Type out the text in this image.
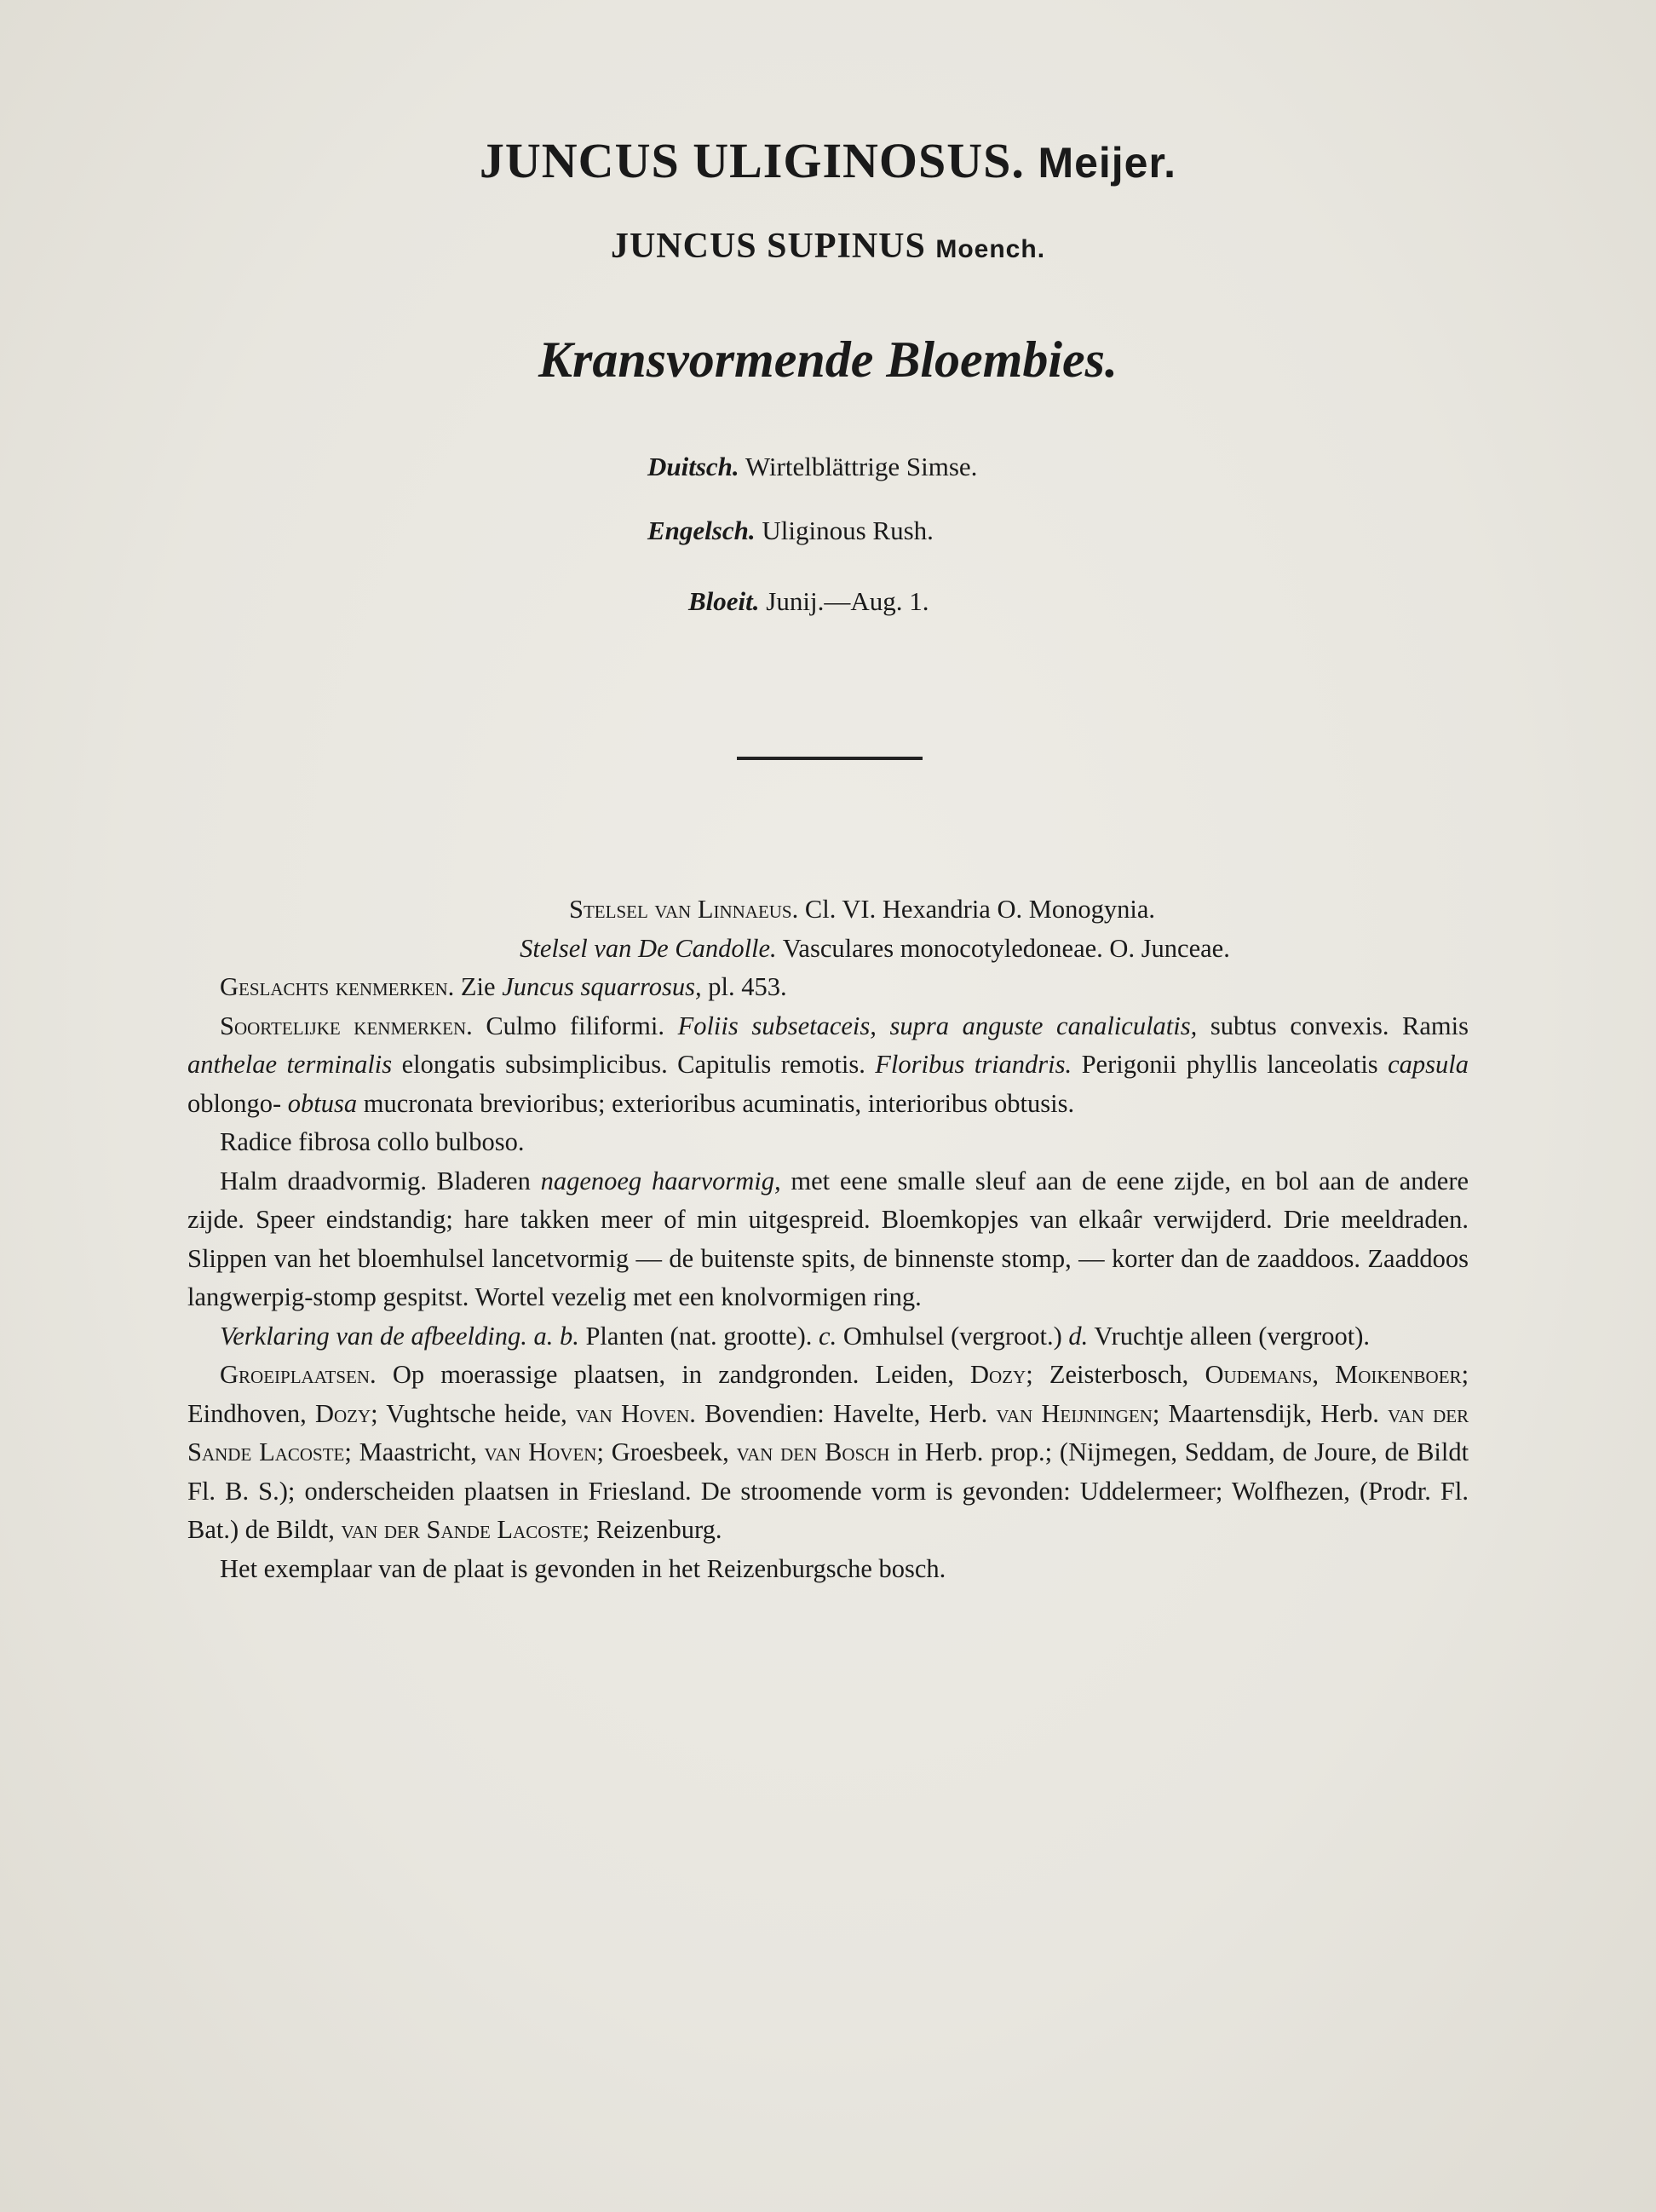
JUNCUS ULIGINOSUS. Meijer.
JUNCUS SUPINUS Moench.
Kransvormende Bloembies.
Duitsch. Wirtelblättrige Simse.
Engelsch. Uliginous Rush.
Bloeit. Junij.—Aug. 1.

Stelsel van Linnaeus. Cl. VI. Hexandria O. Monogynia.

Stelsel van De Candolle. Vasculares monocotyledoneae. O. Junceae.

Geslachts kenmerken. Zie Juncus squarrosus, pl. 453.

Soortelijke kenmerken. Culmo filiformi. Foliis subsetaceis, supra anguste canaliculatis, subtus convexis. Ramis anthelae terminalis elongatis subsimplicibus. Capitulis remotis. Floribus triandris. Perigonii phyllis lanceolatis capsula oblongo- obtusa mucronata brevioribus; exterioribus acuminatis, interioribus obtusis.

Radice fibrosa collo bulboso.

Halm draadvormig. Bladeren nagenoeg haarvormig, met eene smalle sleuf aan de eene zijde, en bol aan de andere zijde. Speer eindstandig; hare takken meer of min uitgespreid. Bloemkopjes van elkaâr verwijderd. Drie meeldraden. Slippen van het bloemhulsel lancetvormig — de buitenste spits, de binnenste stomp, — korter dan de zaaddoos. Zaaddoos langwerpig-stomp gespitst. Wortel vezelig met een knolvormigen ring.

Verklaring van de afbeelding. a. b. Planten (nat. grootte). c. Omhulsel (vergroot.) d. Vruchtje alleen (vergroot).

Groeiplaatsen. Op moerassige plaatsen, in zandgronden. Leiden, Dozy; Zeisterbosch, Oudemans, Moikenboer; Eindhoven, Dozy; Vughtsche heide, van Hoven. Bovendien: Havelte, Herb. van Heijningen; Maartensdijk, Herb. van der Sande Lacoste; Maastricht, van Hoven; Groesbeek, van den Bosch in Herb. prop.; (Nijmegen, Seddam, de Joure, de Bildt Fl. B. S.); onderscheiden plaatsen in Friesland. De stroomende vorm is gevonden: Uddelermeer; Wolfhezen, (Prodr. Fl. Bat.) de Bildt, van der Sande Lacoste; Reizenburg.

Het exemplaar van de plaat is gevonden in het Reizenburgsche bosch.
